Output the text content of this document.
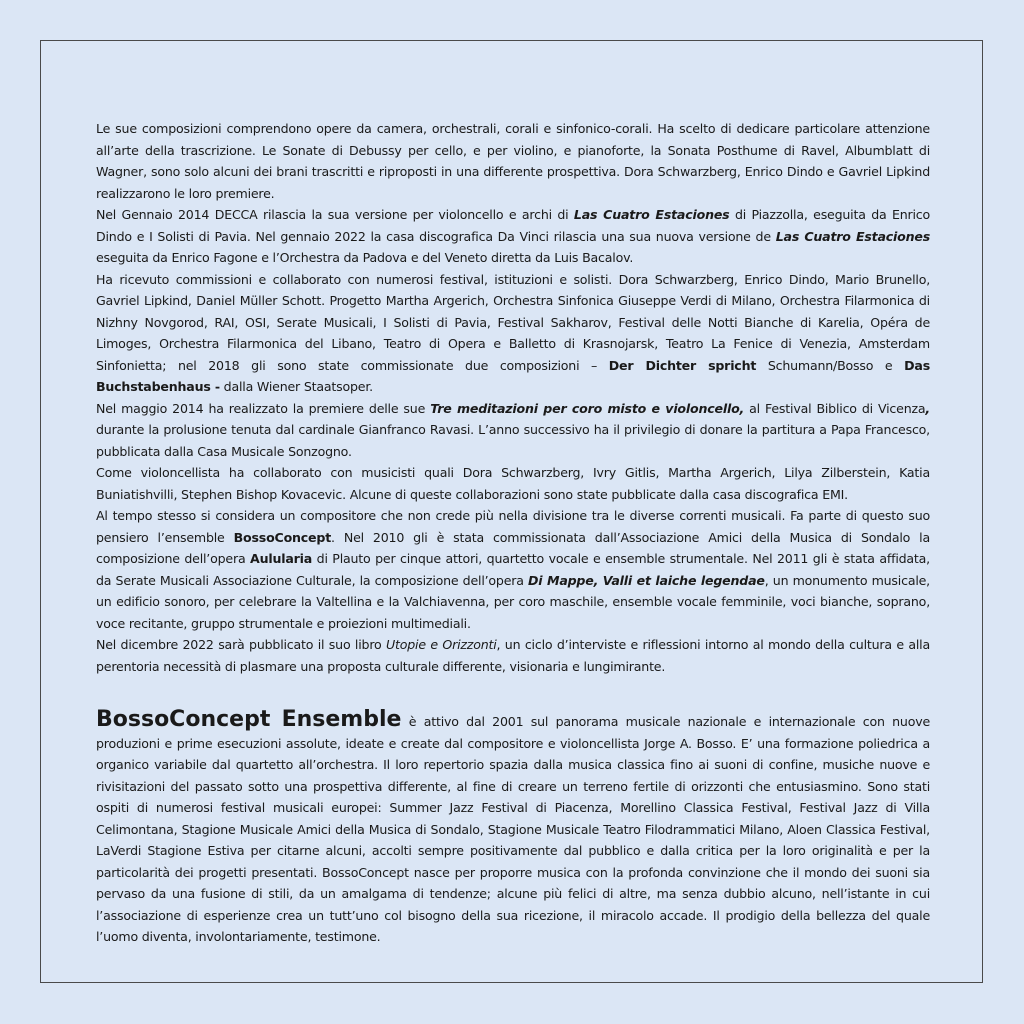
Le sue composizioni comprendono opere da camera, orchestrali, corali e sinfonico-corali. Ha scelto di dedicare particolare attenzione all’arte della trascrizione. Le Sonate di Debussy per cello, e per violino, e pianoforte, la Sonata Posthume di Ravel, Albumblatt di Wagner, sono solo alcuni dei brani trascritti e riproposti in una differente prospettiva. Dora Schwarzberg, Enrico Dindo e Gavriel Lipkind realizzarono le loro premiere.

Nel Gennaio 2014 DECCA rilascia la sua versione per violoncello e archi di Las Cuatro Estaciones di Piazzolla, eseguita da Enrico Dindo e I Solisti di Pavia. Nel gennaio 2022 la casa discografica Da Vinci rilascia una sua nuova versione de Las Cuatro Estaciones eseguita da Enrico Fagone e l’Orchestra da Padova e del Veneto diretta da Luis Bacalov.

Ha ricevuto commissioni e collaborato con numerosi festival, istituzioni e solisti. Dora Schwarzberg, Enrico Dindo, Mario Brunello, Gavriel Lipkind, Daniel Müller Schott. Progetto Martha Argerich, Orchestra Sinfonica Giuseppe Verdi di Milano, Orchestra Filarmonica di Nizhny Novgorod, RAI, OSI, Serate Musicali, I Solisti di Pavia, Festival Sakharov, Festival delle Notti Bianche di Karelia, Opéra de Limoges, Orchestra Filarmonica del Libano, Teatro di Opera e Balletto di Krasnojarsk, Teatro La Fenice di Venezia, Amsterdam Sinfonietta; nel 2018 gli sono state commissionate due composizioni – Der Dichter spricht Schumann/Bosso e Das Buchstabenhaus - dalla Wiener Staatsoper.

Nel maggio 2014 ha realizzato la premiere delle sue Tre meditazioni per coro misto e violoncello, al Festival Biblico di Vicenza, durante la prolusione tenuta dal cardinale Gianfranco Ravasi. L’anno successivo ha il privilegio di donare la partitura a Papa Francesco, pubblicata dalla Casa Musicale Sonzogno.

Come violoncellista ha collaborato con musicisti quali Dora Schwarzberg, Ivry Gitlis, Martha Argerich, Lilya Zilberstein, Katia Buniatishvilli, Stephen Bishop Kovacevic. Alcune di queste collaborazioni sono state pubblicate dalla casa discografica EMI.

Al tempo stesso si considera un compositore che non crede più nella divisione tra le diverse correnti musicali. Fa parte di questo suo pensiero l’ensemble BossoConcept. Nel 2010 gli è stata commissionata dall’Associazione Amici della Musica di Sondalo la composizione dell’opera Aulularia di Plauto per cinque attori, quartetto vocale e ensemble strumentale. Nel 2011 gli è stata affidata, da Serate Musicali Associazione Culturale, la composizione dell’opera Di Mappe, Valli et laiche legendae, un monumento musicale, un edificio sonoro, per celebrare la Valtellina e la Valchiavenna, per coro maschile, ensemble vocale femminile, voci bianche, soprano, voce recitante, gruppo strumentale e proiezioni multimediali.

Nel dicembre 2022 sarà pubblicato il suo libro Utopie e Orizzonti, un ciclo d’interviste e riflessioni intorno al mondo della cultura e alla perentoria necessità di plasmare una proposta culturale differente, visionaria e lungimirante.

BossoConcept Ensemble è attivo dal 2001 sul panorama musicale nazionale e internazionale con nuove produzioni e prime esecuzioni assolute, ideate e create dal compositore e violoncellista Jorge A. Bosso. E’ una formazione poliedrica a organico variabile dal quartetto all’orchestra. Il loro repertorio spazia dalla musica classica fino ai suoni di confine, musiche nuove e rivisitazioni del passato sotto una prospettiva differente, al fine di creare un terreno fertile di orizzonti che entusiasmino. Sono stati ospiti di numerosi festival musicali europei: Summer Jazz Festival di Piacenza, Morellino Classica Festival, Festival Jazz di Villa Celimontana, Stagione Musicale Amici della Musica di Sondalo, Stagione Musicale Teatro Filodrammatici Milano, Aloen Classica Festival, LaVerdi Stagione Estiva per citarne alcuni, accolti sempre positivamente dal pubblico e dalla critica per la loro originalità e per la particolarità dei progetti presentati. BossoConcept nasce per proporre musica con la profonda convinzione che il mondo dei suoni sia pervaso da una fusione di stili, da un amalgama di tendenze; alcune più felici di altre, ma senza dubbio alcuno, nell’istante in cui l’associazione di esperienze crea un tutt’uno col bisogno della sua ricezione, il miracolo accade. Il prodigio della bellezza del quale l’uomo diventa, involontariamente, testimone.
